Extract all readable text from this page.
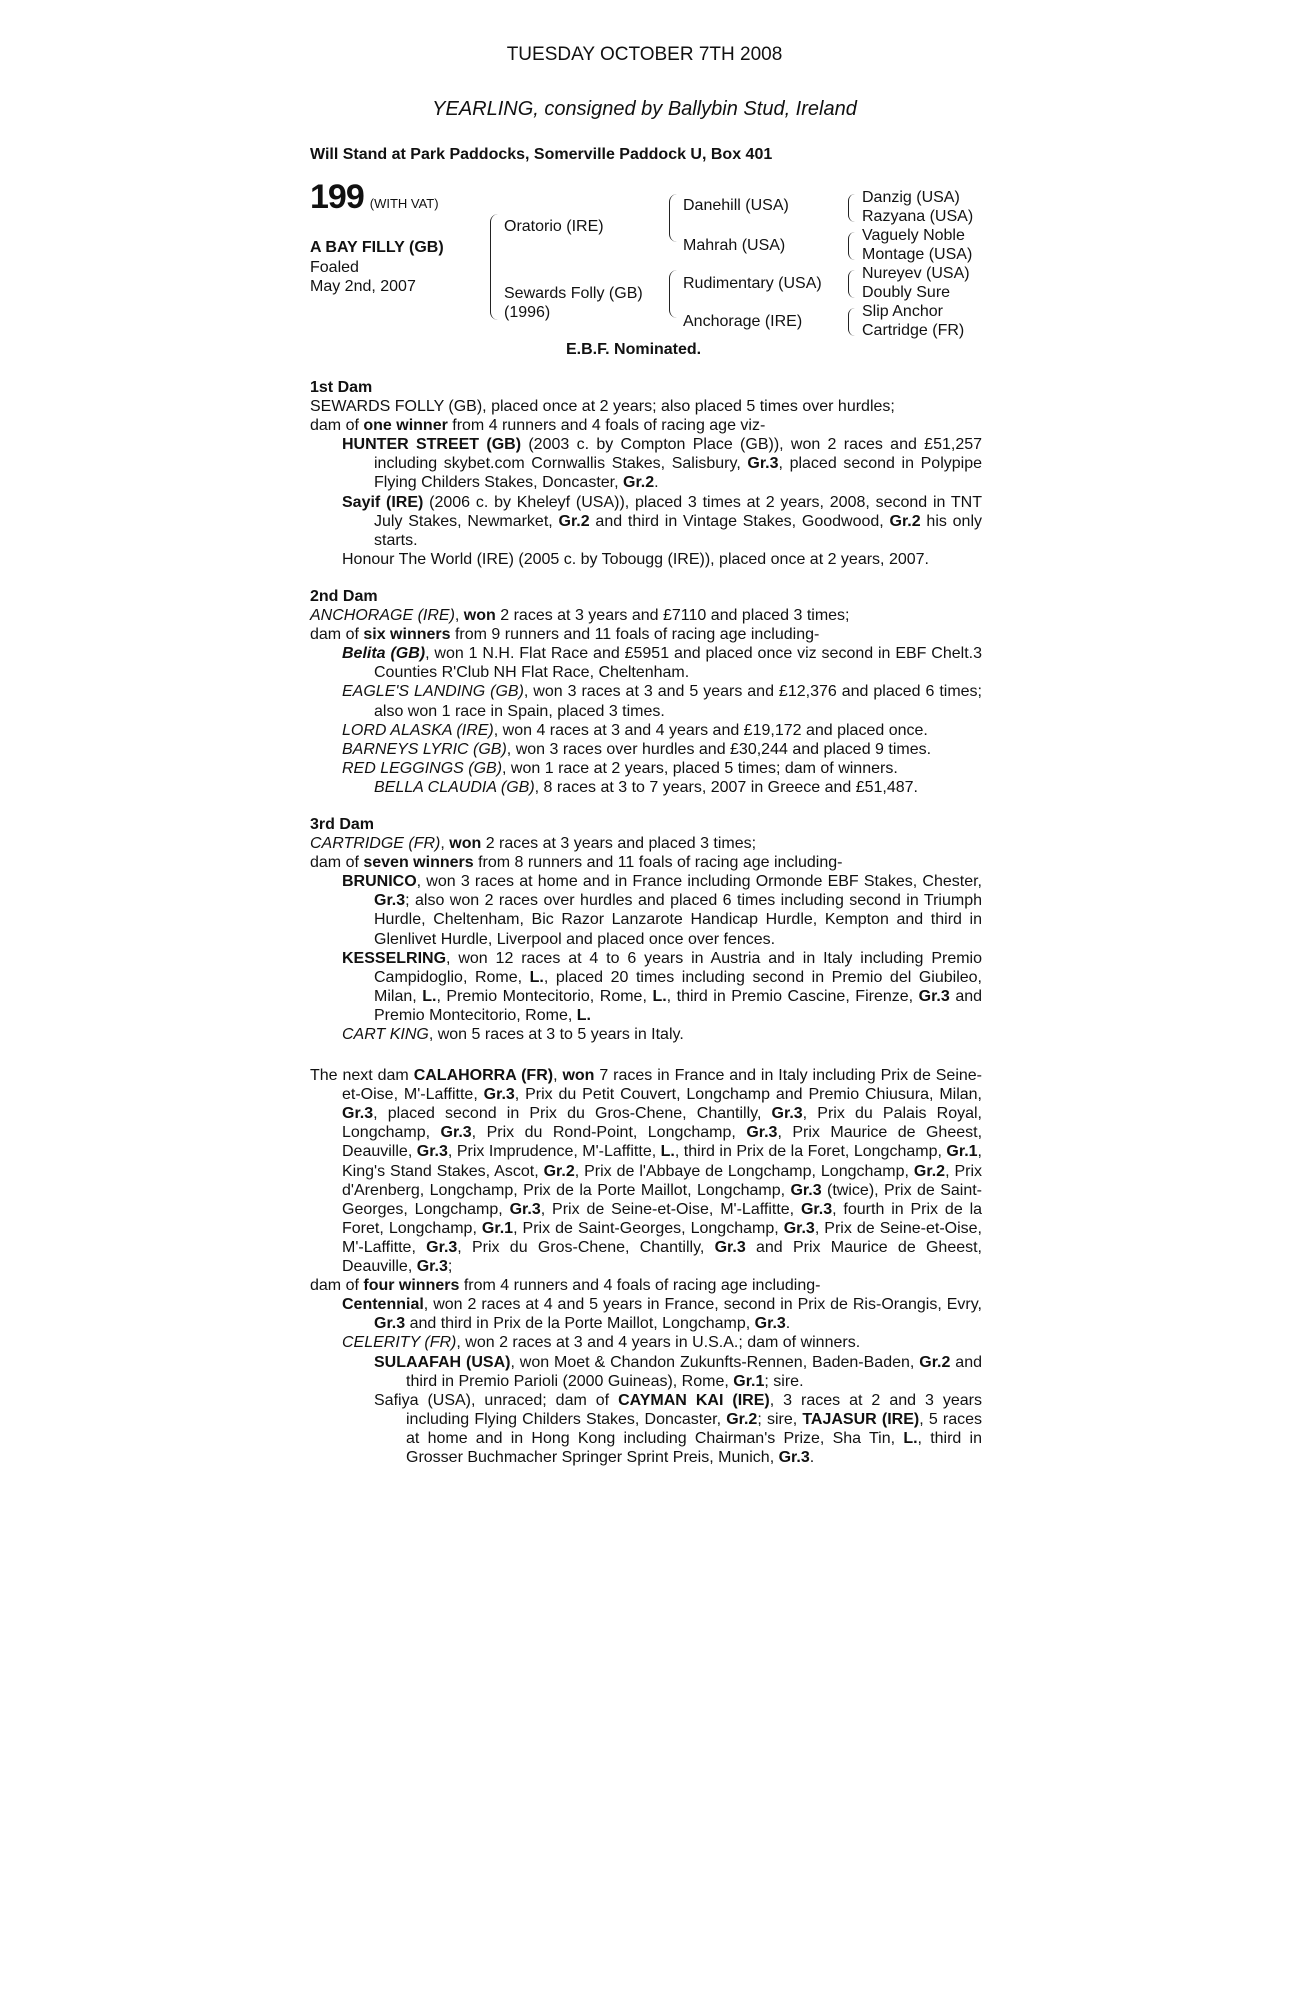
TUESDAY OCTOBER 7TH 2008
YEARLING, consigned by Ballybin Stud, Ireland
Will Stand at Park Paddocks, Somerville Paddock U, Box 401
199 (WITH VAT)
A BAY FILLY (GB)
Foaled
May 2nd, 2007
Oratorio (IRE)
Sewards Folly (GB)
(1996)
Danehill (USA)
Mahrah (USA)
Rudimentary (USA)
Anchorage (IRE)
Danzig (USA)
Razyana (USA)
Vaguely Noble
Montage (USA)
Nureyev (USA)
Doubly Sure
Slip Anchor
Cartridge (FR)
E.B.F. Nominated.
1st Dam

SEWARDS FOLLY (GB), placed once at 2 years; also placed 5 times over hurdles;

dam of one winner from 4 runners and 4 foals of racing age viz-

HUNTER STREET (GB) (2003 c. by Compton Place (GB)), won 2 races and £51,257 including skybet.com Cornwallis Stakes, Salisbury, Gr.3, placed second in Polypipe Flying Childers Stakes, Doncaster, Gr.2.

Sayif (IRE) (2006 c. by Kheleyf (USA)), placed 3 times at 2 years, 2008, second in TNT July Stakes, Newmarket, Gr.2 and third in Vintage Stakes, Goodwood, Gr.2 his only starts.

Honour The World (IRE) (2005 c. by Tobougg (IRE)), placed once at 2 years, 2007.

2nd Dam

ANCHORAGE (IRE), won 2 races at 3 years and £7110 and placed 3 times;

dam of six winners from 9 runners and 11 foals of racing age including-

Belita (GB), won 1 N.H. Flat Race and £5951 and placed once viz second in EBF Chelt.3 Counties R'Club NH Flat Race, Cheltenham.

EAGLE'S LANDING (GB), won 3 races at 3 and 5 years and £12,376 and placed 6 times; also won 1 race in Spain, placed 3 times.

LORD ALASKA (IRE), won 4 races at 3 and 4 years and £19,172 and placed once.

BARNEYS LYRIC (GB), won 3 races over hurdles and £30,244 and placed 9 times.

RED LEGGINGS (GB), won 1 race at 2 years, placed 5 times; dam of winners.

BELLA CLAUDIA (GB), 8 races at 3 to 7 years, 2007 in Greece and £51,487.

3rd Dam

CARTRIDGE (FR), won 2 races at 3 years and placed 3 times;

dam of seven winners from 8 runners and 11 foals of racing age including-

BRUNICO, won 3 races at home and in France including Ormonde EBF Stakes, Chester, Gr.3; also won 2 races over hurdles and placed 6 times including second in Triumph Hurdle, Cheltenham, Bic Razor Lanzarote Handicap Hurdle, Kempton and third in Glenlivet Hurdle, Liverpool and placed once over fences.

KESSELRING, won 12 races at 4 to 6 years in Austria and in Italy including Premio Campidoglio, Rome, L., placed 20 times including second in Premio del Giubileo, Milan, L., Premio Montecitorio, Rome, L., third in Premio Cascine, Firenze, Gr.3 and Premio Montecitorio, Rome, L.

CART KING, won 5 races at 3 to 5 years in Italy.

The next dam CALAHORRA (FR), won 7 races in France and in Italy including Prix de Seine-et-Oise, M'-Laffitte, Gr.3, Prix du Petit Couvert, Longchamp and Premio Chiusura, Milan, Gr.3, placed second in Prix du Gros-Chene, Chantilly, Gr.3, Prix du Palais Royal, Longchamp, Gr.3, Prix du Rond-Point, Longchamp, Gr.3, Prix Maurice de Gheest, Deauville, Gr.3, Prix Imprudence, M'-Laffitte, L., third in Prix de la Foret, Longchamp, Gr.1, King's Stand Stakes, Ascot, Gr.2, Prix de l'Abbaye de Longchamp, Longchamp, Gr.2, Prix d'Arenberg, Longchamp, Prix de la Porte Maillot, Longchamp, Gr.3 (twice), Prix de Saint-Georges, Longchamp, Gr.3, Prix de Seine-et-Oise, M'-Laffitte, Gr.3, fourth in Prix de la Foret, Longchamp, Gr.1, Prix de Saint-Georges, Longchamp, Gr.3, Prix de Seine-et-Oise, M'-Laffitte, Gr.3, Prix du Gros-Chene, Chantilly, Gr.3 and Prix Maurice de Gheest, Deauville, Gr.3;

dam of four winners from 4 runners and 4 foals of racing age including-

Centennial, won 2 races at 4 and 5 years in France, second in Prix de Ris-Orangis, Evry, Gr.3 and third in Prix de la Porte Maillot, Longchamp, Gr.3.

CELERITY (FR), won 2 races at 3 and 4 years in U.S.A.; dam of winners.

SULAAFAH (USA), won Moet & Chandon Zukunfts-Rennen, Baden-Baden, Gr.2 and third in Premio Parioli (2000 Guineas), Rome, Gr.1; sire.

Safiya (USA), unraced; dam of CAYMAN KAI (IRE), 3 races at 2 and 3 years including Flying Childers Stakes, Doncaster, Gr.2; sire, TAJASUR (IRE), 5 races at home and in Hong Kong including Chairman's Prize, Sha Tin, L., third in Grosser Buchmacher Springer Sprint Preis, Munich, Gr.3.
